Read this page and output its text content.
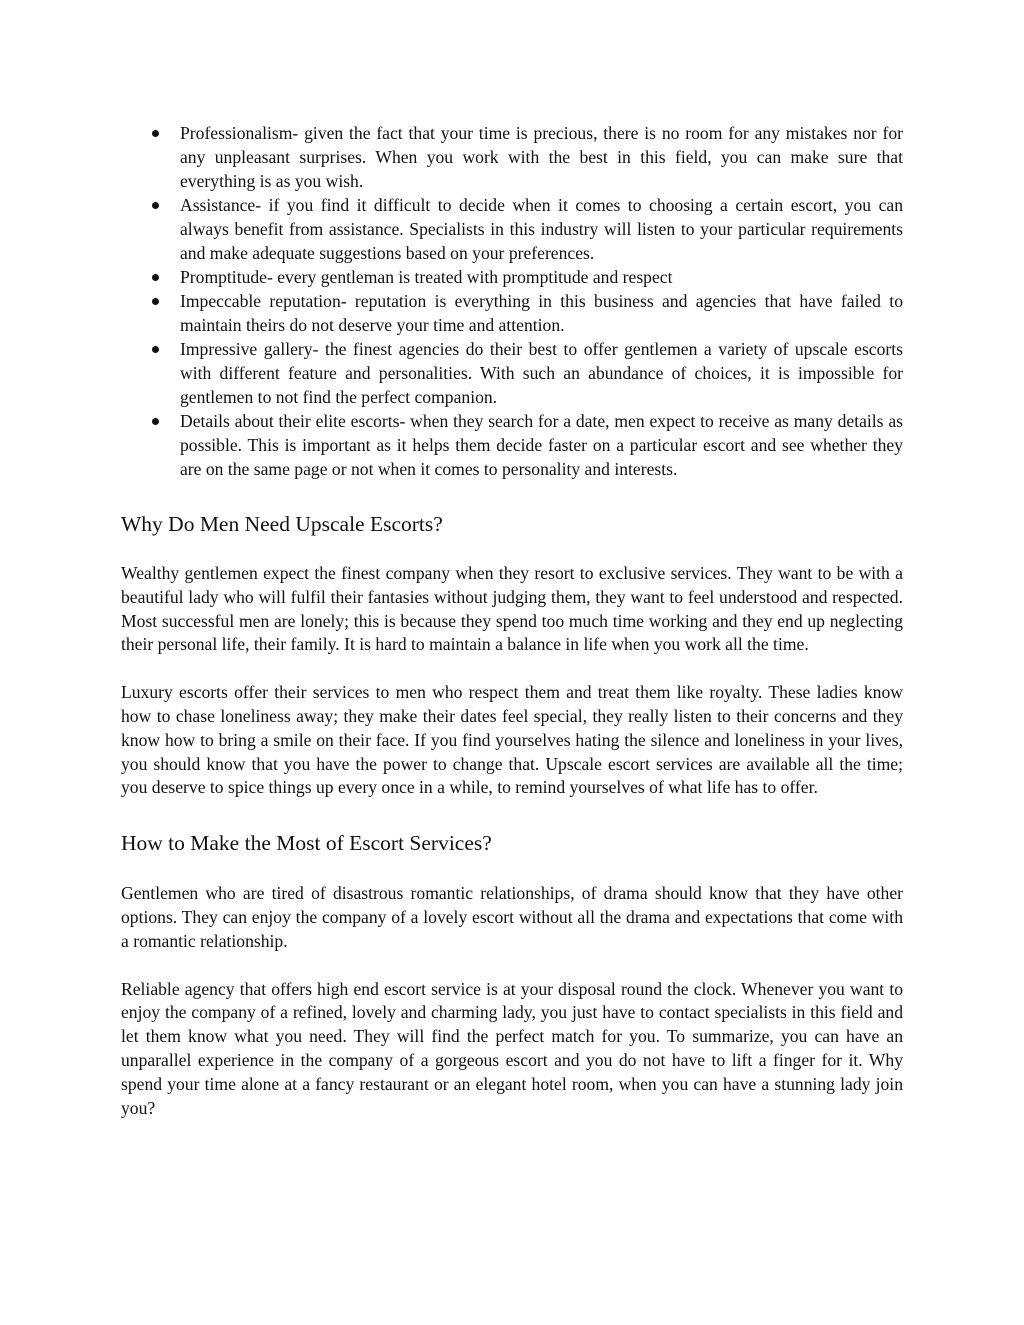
Professionalism- given the fact that your time is precious, there is no room for any mistakes nor for any unpleasant surprises. When you work with the best in this field, you can make sure that everything is as you wish.
Assistance- if you find it difficult to decide when it comes to choosing a certain escort, you can always benefit from assistance. Specialists in this industry will listen to your particular requirements and make adequate suggestions based on your preferences.
Promptitude- every gentleman is treated with promptitude and respect
Impeccable reputation- reputation is everything in this business and agencies that have failed to maintain theirs do not deserve your time and attention.
Impressive gallery- the finest agencies do their best to offer gentlemen a variety of upscale escorts with different feature and personalities. With such an abundance of choices, it is impossible for gentlemen to not find the perfect companion.
Details about their elite escorts- when they search for a date, men expect to receive as many details as possible. This is important as it helps them decide faster on a particular escort and see whether they are on the same page or not when it comes to personality and interests.
Why Do Men Need Upscale Escorts?

Wealthy gentlemen expect the finest company when they resort to exclusive services. They want to be with a beautiful lady who will fulfil their fantasies without judging them, they want to feel understood and respected. Most successful men are lonely; this is because they spend too much time working and they end up neglecting their personal life, their family. It is hard to maintain a balance in life when you work all the time.

Luxury escorts offer their services to men who respect them and treat them like royalty. These ladies know how to chase loneliness away; they make their dates feel special, they really listen to their concerns and they know how to bring a smile on their face. If you find yourselves hating the silence and loneliness in your lives, you should know that you have the power to change that. Upscale escort services are available all the time; you deserve to spice things up every once in a while, to remind yourselves of what life has to offer.

How to Make the Most of Escort Services?

Gentlemen who are tired of disastrous romantic relationships, of drama should know that they have other options. They can enjoy the company of a lovely escort without all the drama and expectations that come with a romantic relationship.

Reliable agency that offers high end escort service is at your disposal round the clock. Whenever you want to enjoy the company of a refined, lovely and charming lady, you just have to contact specialists in this field and let them know what you need. They will find the perfect match for you. To summarize, you can have an unparallel experience in the company of a gorgeous escort and you do not have to lift a finger for it. Why spend your time alone at a fancy restaurant or an elegant hotel room, when you can have a stunning lady join you?
